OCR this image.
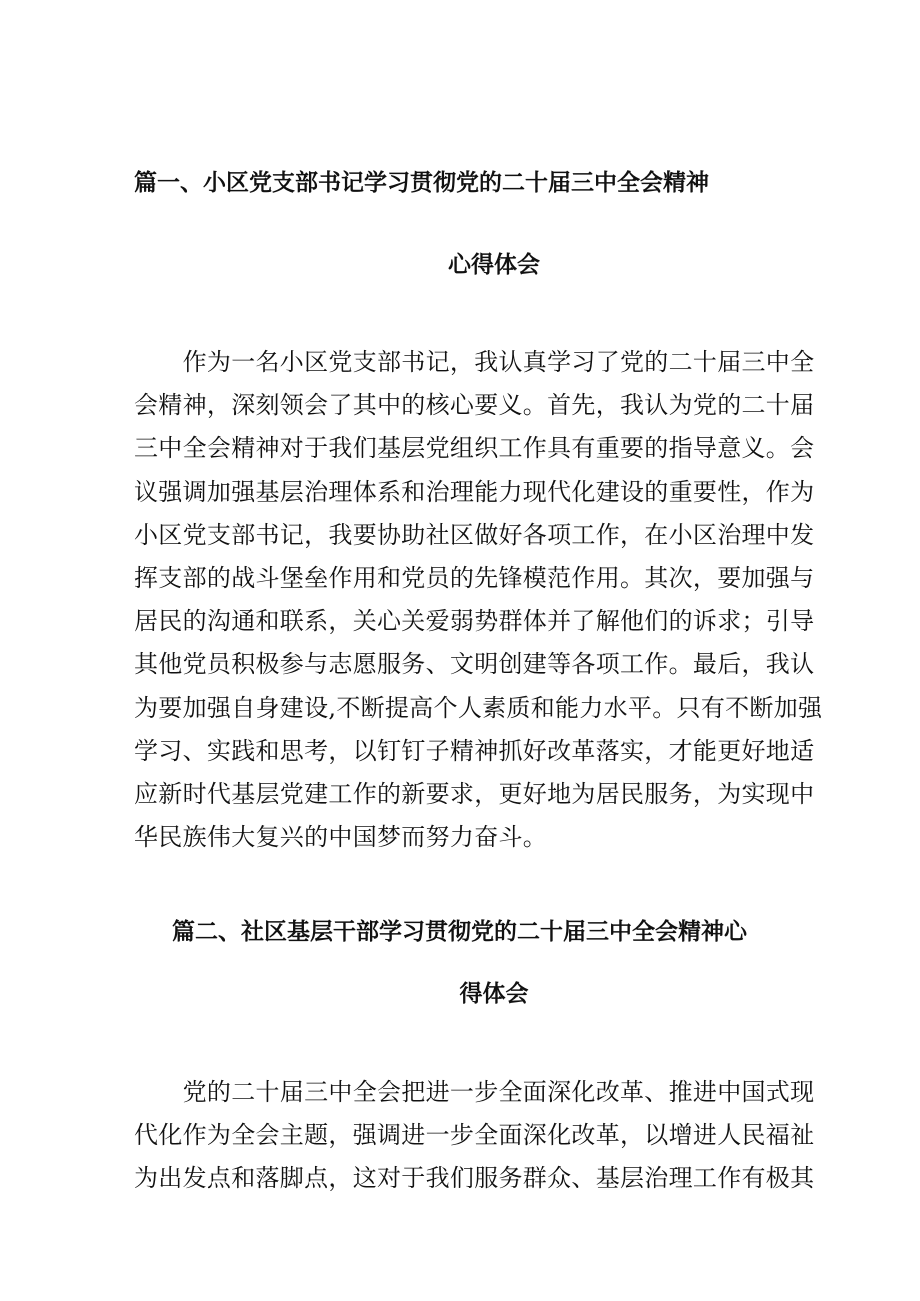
篇一、小区党支部书记学习贯彻党的二十届三中全会精神
心得体会
　　作为一名小区党支部书记，我认真学习了党的二十届三中全
会精神，深刻领会了其中的核心要义。首先，我认为党的二十届
三中全会精神对于我们基层党组织工作具有重要的指导意义。会
议强调加强基层治理体系和治理能力现代化建设的重要性，作为
小区党支部书记，我要协助社区做好各项工作，在小区治理中发
挥支部的战斗堡垒作用和党员的先锋模范作用。其次，要加强与
居民的沟通和联系，关心关爱弱势群体并了解他们的诉求；引导
其他党员积极参与志愿服务、文明创建等各项工作。最后，我认
为要加强自身建设,不断提高个人素质和能力水平。只有不断加强
学习、实践和思考，以钉钉子精神抓好改革落实，才能更好地适
应新时代基层党建工作的新要求，更好地为居民服务，为实现中
华民族伟大复兴的中国梦而努力奋斗。
篇二、社区基层干部学习贯彻党的二十届三中全会精神心
得体会
　　党的二十届三中全会把进一步全面深化改革、推进中国式现
代化作为全会主题，强调进一步全面深化改革，以增进人民福祉
为出发点和落脚点，这对于我们服务群众、基层治理工作有极其
